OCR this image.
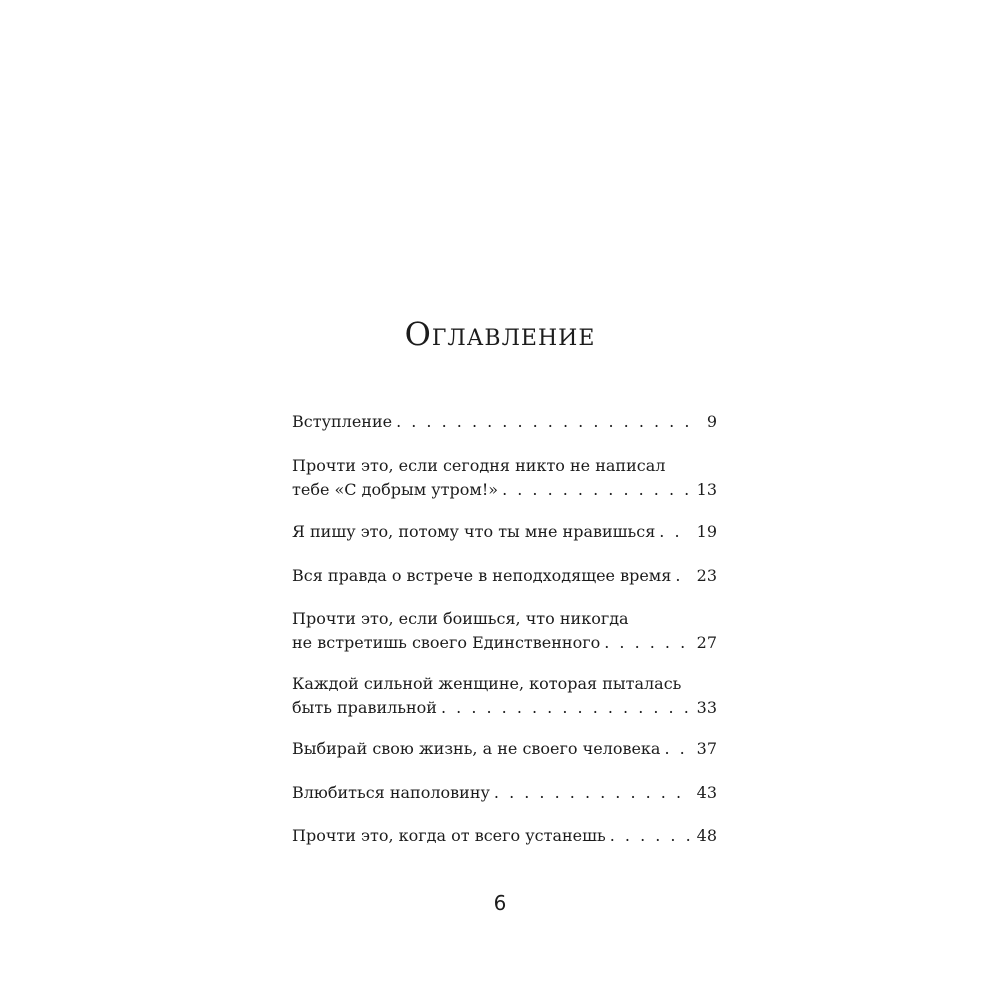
Оглавление
Вступление . . .	9
Прочти это, если сегодня никто не написал
тебе «С добрым утром!» . . .	13
Я пишу это, потому что ты мне нравишься . . .	19
Вся правда о встрече в неподходящее время . . . 23
Прочти это, если боишься, что никогда
не встретишь своего Единственного . . .	27
Каждой сильной женщине, которая пыталась
быть правильной . . .	33
Выбирай свою жизнь, а не своего человека . . . 37
Влюбиться наполовину . . .	43
Прочти это, когда от всего устанешь . . .	48
6
